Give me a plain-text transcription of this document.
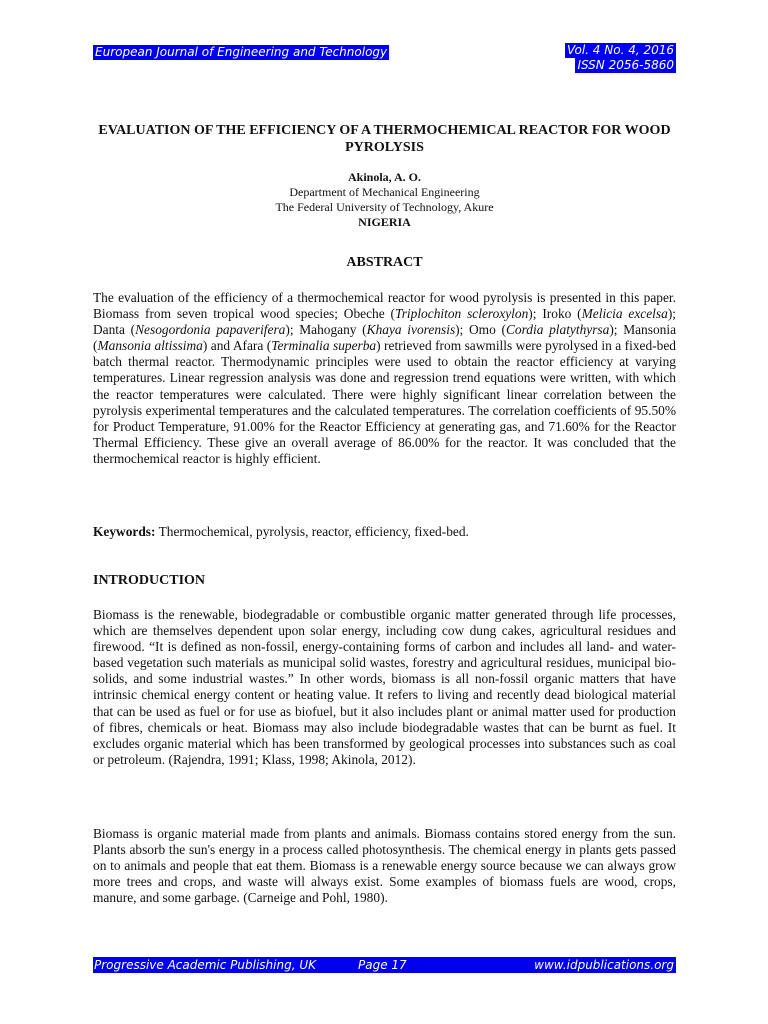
European Journal of Engineering and Technology	Vol. 4 No. 4, 2016
ISSN 2056-5860
EVALUATION OF THE EFFICIENCY OF A THERMOCHEMICAL REACTOR FOR WOOD PYROLYSIS
Akinola, A. O.
Department of Mechanical Engineering
The Federal University of Technology, Akure
NIGERIA
ABSTRACT
The evaluation of the efficiency of a thermochemical reactor for wood pyrolysis is presented in this paper. Biomass from seven tropical wood species; Obeche (Triplochiton scleroxylon); Iroko (Melicia excelsa); Danta (Nesogordonia papaverifera); Mahogany (Khaya ivorensis); Omo (Cordia platythyrsa); Mansonia (Mansonia altissima) and Afara (Terminalia superba) retrieved from sawmills were pyrolysed in a fixed-bed batch thermal reactor. Thermodynamic principles were used to obtain the reactor efficiency at varying temperatures. Linear regression analysis was done and regression trend equations were written, with which the reactor temperatures were calculated. There were highly significant linear correlation between the pyrolysis experimental temperatures and the calculated temperatures. The correlation coefficients of 95.50% for Product Temperature, 91.00% for the Reactor Efficiency at generating gas, and 71.60% for the Reactor Thermal Efficiency. These give an overall average of 86.00% for the reactor. It was concluded that the thermochemical reactor is highly efficient.
Keywords: Thermochemical, pyrolysis, reactor, efficiency, fixed-bed.
INTRODUCTION
Biomass is the renewable, biodegradable or combustible organic matter generated through life processes, which are themselves dependent upon solar energy, including cow dung cakes, agricultural residues and firewood. “It is defined as non-fossil, energy-containing forms of carbon and includes all land- and water-based vegetation such materials as municipal solid wastes, forestry and agricultural residues, municipal bio-solids, and some industrial wastes.” In other words, biomass is all non-fossil organic matters that have intrinsic chemical energy content or heating value. It refers to living and recently dead biological material that can be used as fuel or for use as biofuel, but it also includes plant or animal matter used for production of fibres, chemicals or heat. Biomass may also include biodegradable wastes that can be burnt as fuel. It excludes organic material which has been transformed by geological processes into substances such as coal or petroleum. (Rajendra, 1991; Klass, 1998; Akinola, 2012).
Biomass is organic material made from plants and animals. Biomass contains stored energy from the sun. Plants absorb the sun's energy in a process called photosynthesis. The chemical energy in plants gets passed on to animals and people that eat them. Biomass is a renewable energy source because we can always grow more trees and crops, and waste will always exist. Some examples of biomass fuels are wood, crops, manure, and some garbage. (Carneige and Pohl, 1980).
Progressive Academic Publishing, UK	Page 17	www.idpublications.org
